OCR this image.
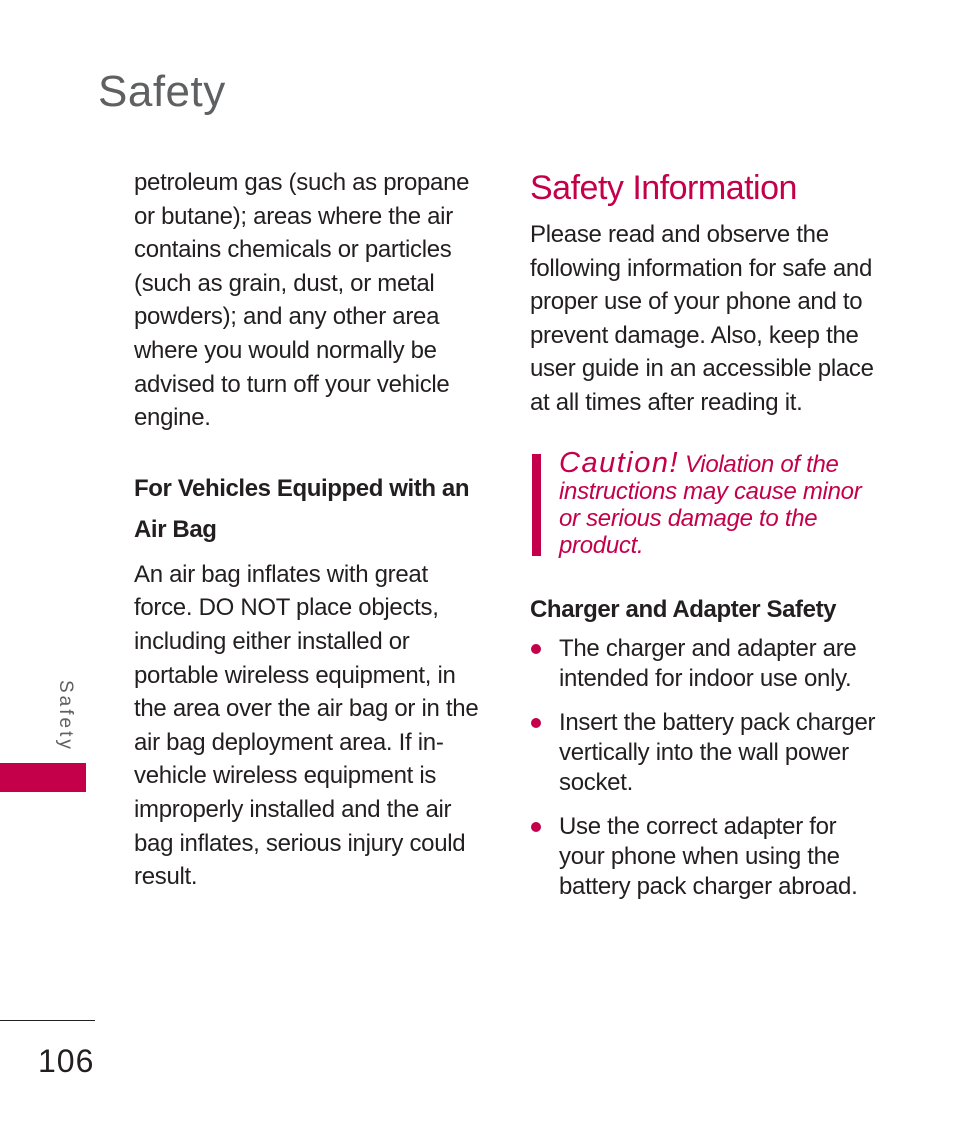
Safety

petroleum gas (such as propane or butane); areas where the air contains chemicals or particles (such as grain, dust, or metal powders); and any other area where you would normally be advised to turn off your vehicle engine.

For Vehicles Equipped with an
Air Bag

An air bag inflates with great force. DO NOT place objects, including either installed or portable wireless equipment, in the area over the air bag or in the air bag deployment area. If in-vehicle wireless equipment is improperly installed and the air bag inflates, serious injury could result.

Safety Information

Please read and observe the following information for safe and proper use of your phone and to prevent damage. Also, keep the user guide in an accessible place at all times after reading it.

Caution! Violation of the instructions may cause minor or serious damage to the product.

Charger and Adapter Safety

The charger and adapter are intended for indoor use only.
Insert the battery pack charger vertically into the wall power socket.
Use the correct adapter for your phone when using the battery pack charger abroad.
Safety
106
